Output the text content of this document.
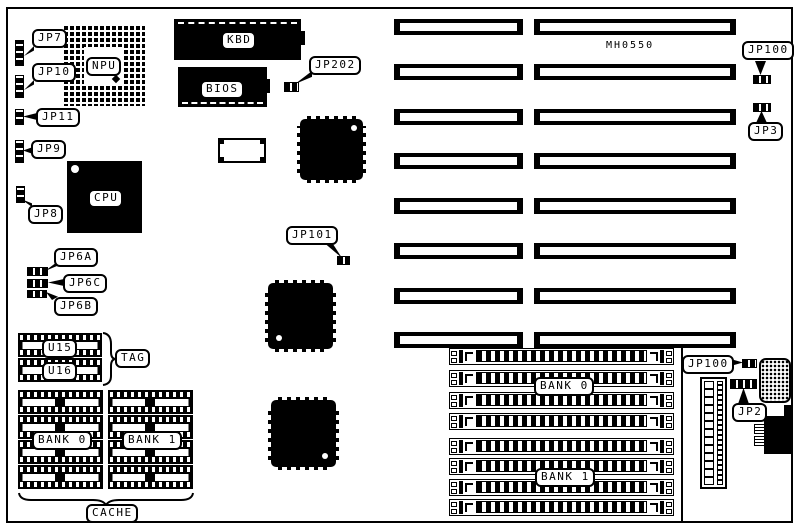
JP7
JP10
JP11
JP9
JP8
JP6A
JP6C
JP6B
NPU
CPU
KBD
BIOS
JP202
JP101
MH0550	JP100
JP3
U15
U16
TAG
BANK 0	BANK 1
CACHE
BANK 0
BANK 1
JP100
JP2
